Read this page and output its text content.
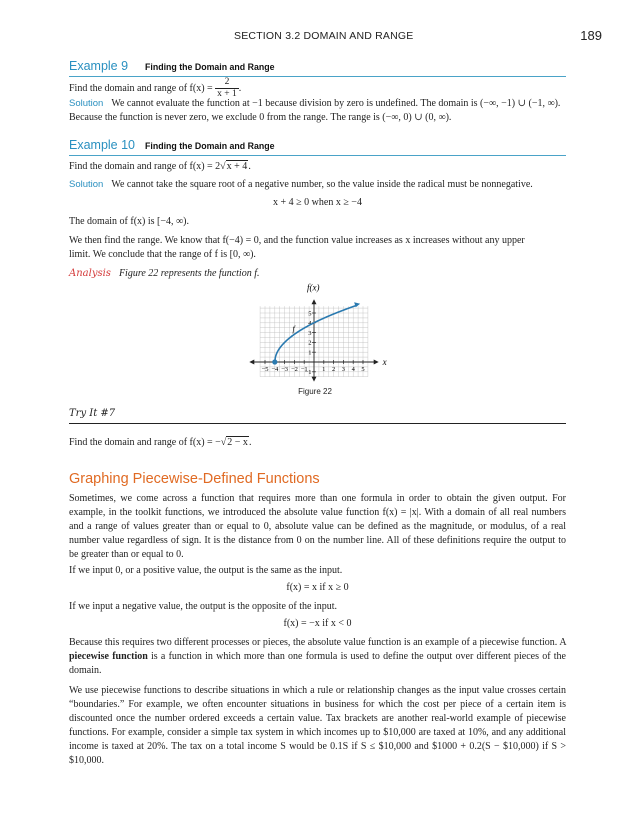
SECTION 3.2 DOMAIN AND RANGE	189
Example 9 Finding the Domain and Range
Find the domain and range of $f(x) = \frac{2}{x + 1}$ .
Solution We cannot evaluate the function at −1 because division by zero is undefined. The domain is (−∞, −1) ∪ (−1, ∞).
Because the function is never zero, we exclude 0 from the range. The range is (−∞, 0) ∪ (0, ∞).
Example 10 Finding the Domain and Range
Find the domain and range of f(x) = 2√x + 4.
Solution We cannot take the square root of a negative number, so the value inside the radical must be nonnegative.
x + 4 ≥ 0 when x ≥ −4
The domain of f(x) is [−4, ∞).
We then find the range. We know that f(−4) = 0, and the function value increases as x increases without any upper
limit. We conclude that the range of f is [0, ∞).
Analysis Figure 22 represents the function f.
−5 −4 −3 −2 −1 1 2 3 4 5
5
4
3
2
1
−1
f(x)
x
f
Figure 22
Try It #7
Find the domain and range of f(x) = −√2 − x.
Graphing Piecewise-Defined Functions
Sometimes, we come across a function that requires more than one formula in order to obtain the given output. For example, in the toolkit functions, we introduced the absolute value function f(x) = |x|. With a domain of all real numbers and a range of values greater than or equal to 0, absolute value can be defined as the magnitude, or modulus, of a real number value regardless of sign. It is the distance from 0 on the number line. All of these definitions require the output to be greater than or equal to 0.
If we input 0, or a positive value, the output is the same as the input.
f(x) = x if x ≥ 0
If we input a negative value, the output is the opposite of the input.
f(x) = −x if x < 0
Because this requires two different processes or pieces, the absolute value function is an example of a piecewise function. A piecewise function is a function in which more than one formula is used to define the output over different pieces of the domain.
We use piecewise functions to describe situations in which a rule or relationship changes as the input value crosses certain “boundaries.” For example, we often encounter situations in business for which the cost per piece of a certain item is discounted once the number ordered exceeds a certain value. Tax brackets are another real-world example of piecewise functions. For example, consider a simple tax system in which incomes up to $10,000 are taxed at 10%, and any additional income is taxed at 20%. The tax on a total income S would be 0.1S if S ≤ $10,000 and $1000 + 0.2(S − $10,000) if S > $10,000.
